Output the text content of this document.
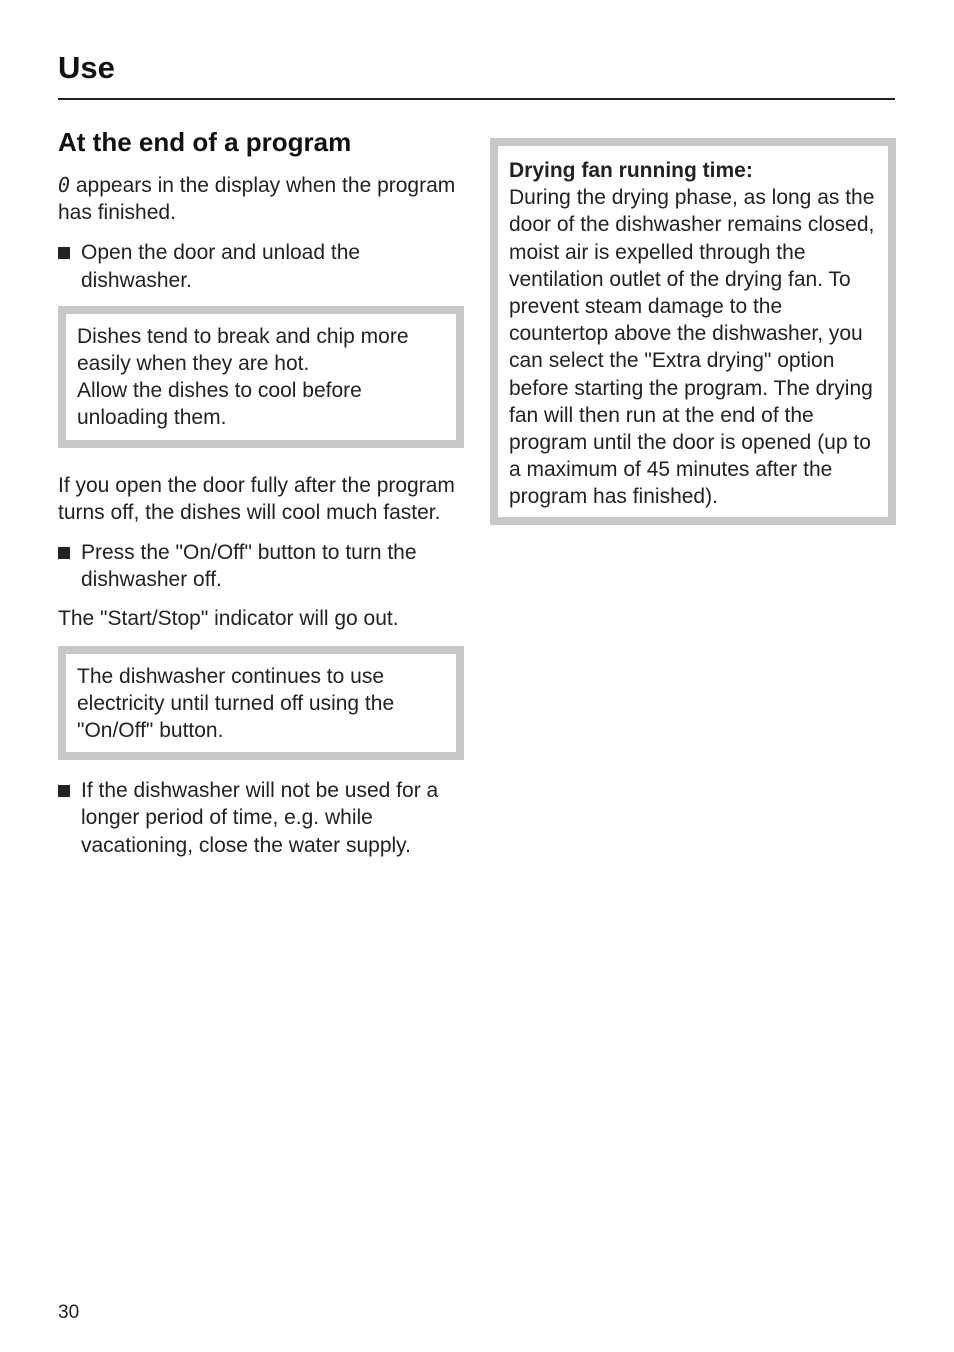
Use
At the end of a program

0 appears in the display when the program has finished.

Open the door and unload the dishwasher.

Dishes tend to break and chip more easily when they are hot.

Allow the dishes to cool before unloading them.

If you open the door fully after the program turns off, the dishes will cool much faster.

Press the "On/Off" button to turn the dishwasher off.

The "Start/Stop" indicator will go out.

The dishwasher continues to use electricity until turned off using the "On/Off" button.

If the dishwasher will not be used for a longer period of time, e.g. while vacationing, close the water supply.

Drying fan running time:

During the drying phase, as long as the door of the dishwasher remains closed, moist air is expelled through the ventilation outlet of the drying fan. To prevent steam damage to the countertop above the dishwasher, you can select the "Extra drying" option before starting the program. The drying fan will then run at the end of the program until the door is opened (up to a maximum of 45 minutes after the program has finished).

30
